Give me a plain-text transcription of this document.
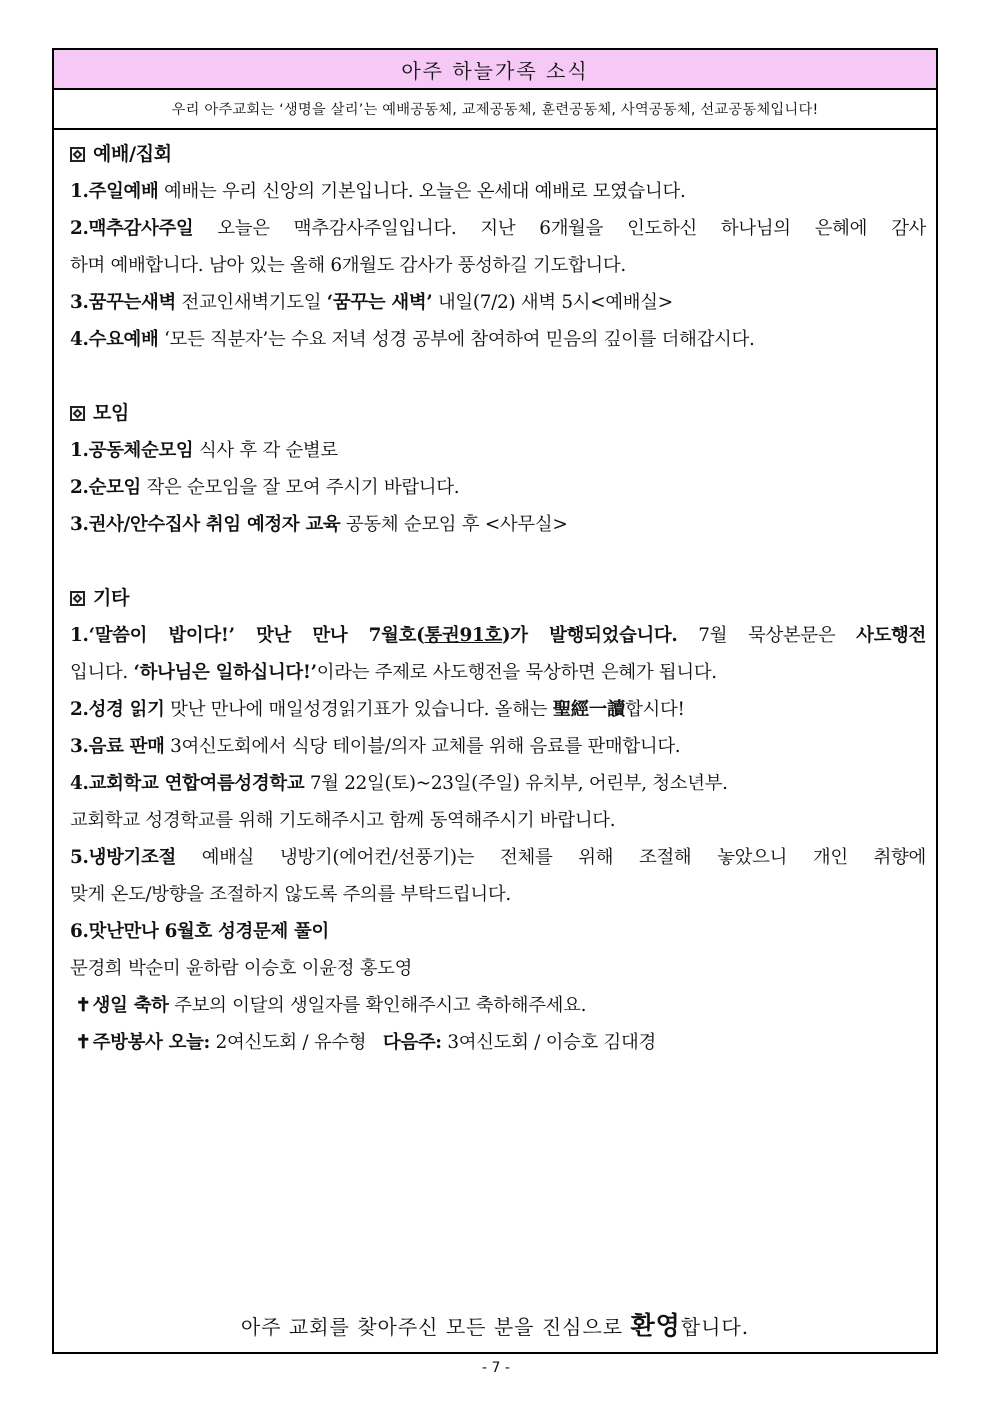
아주 하늘가족 소식
우리 아주교회는 ‘생명을 살리’는 예배공동체, 교제공동체, 훈련공동체, 사역공동체, 선교공동체입니다!
예배/집회
1.주일예배 예배는 우리 신앙의 기본입니다. 오늘은 온세대 예배로 모였습니다.
2.맥추감사주일 오늘은 맥추감사주일입니다. 지난 6개월을 인도하신 하나님의 은혜에 감사
하며 예배합니다. 남아 있는 올해 6개월도 감사가 풍성하길 기도합니다.
3.꿈꾸는새벽 전교인새벽기도일 ‘꿈꾸는 새벽’ 내일(7/2) 새벽 5시<예배실>
4.수요예배 ‘모든 직분자’는 수요 저녁 성경 공부에 참여하여 믿음의 깊이를 더해갑시다.
모임
1.공동체순모임 식사 후 각 순별로
2.순모임 작은 순모임을 잘 모여 주시기 바랍니다.
3.권사/안수집사 취임 예정자 교육 공동체 순모임 후 <사무실>
기타
1.‘말씀이 밥이다!’ 맛난 만나 7월호(통권91호)가 발행되었습니다. 7월 묵상본문은 사도행전
입니다. ‘하나님은 일하십니다!’이라는 주제로 사도행전을 묵상하면 은혜가 됩니다.
2.성경 읽기 맛난 만나에 매일성경읽기표가 있습니다. 올해는 聖經一讀합시다!
3.음료 판매 3여신도회에서 식당 테이블/의자 교체를 위해 음료를 판매합니다.
4.교회학교 연합여름성경학교 7월 22일(토)~23일(주일) 유치부, 어린부, 청소년부.
교회학교 성경학교를 위해 기도해주시고 함께 동역해주시기 바랍니다.
5.냉방기조절 예배실 냉방기(에어컨/선풍기)는 전체를 위해 조절해 놓았으니 개인 취향에
맞게 온도/방향을 조절하지 않도록 주의를 부탁드립니다.
6.맛난만나 6월호 성경문제 풀이
문경희 박순미 윤하람 이승호 이윤정 홍도영
✝ 생일 축하 주보의 이달의 생일자를 확인해주시고 축하해주세요.
✝ 주방봉사 오늘: 2여신도회 / 유수형   다음주: 3여신도회 / 이승호 김대경
아주 교회를 찾아주신 모든 분을 진심으로 환영합니다.
- 7 -
